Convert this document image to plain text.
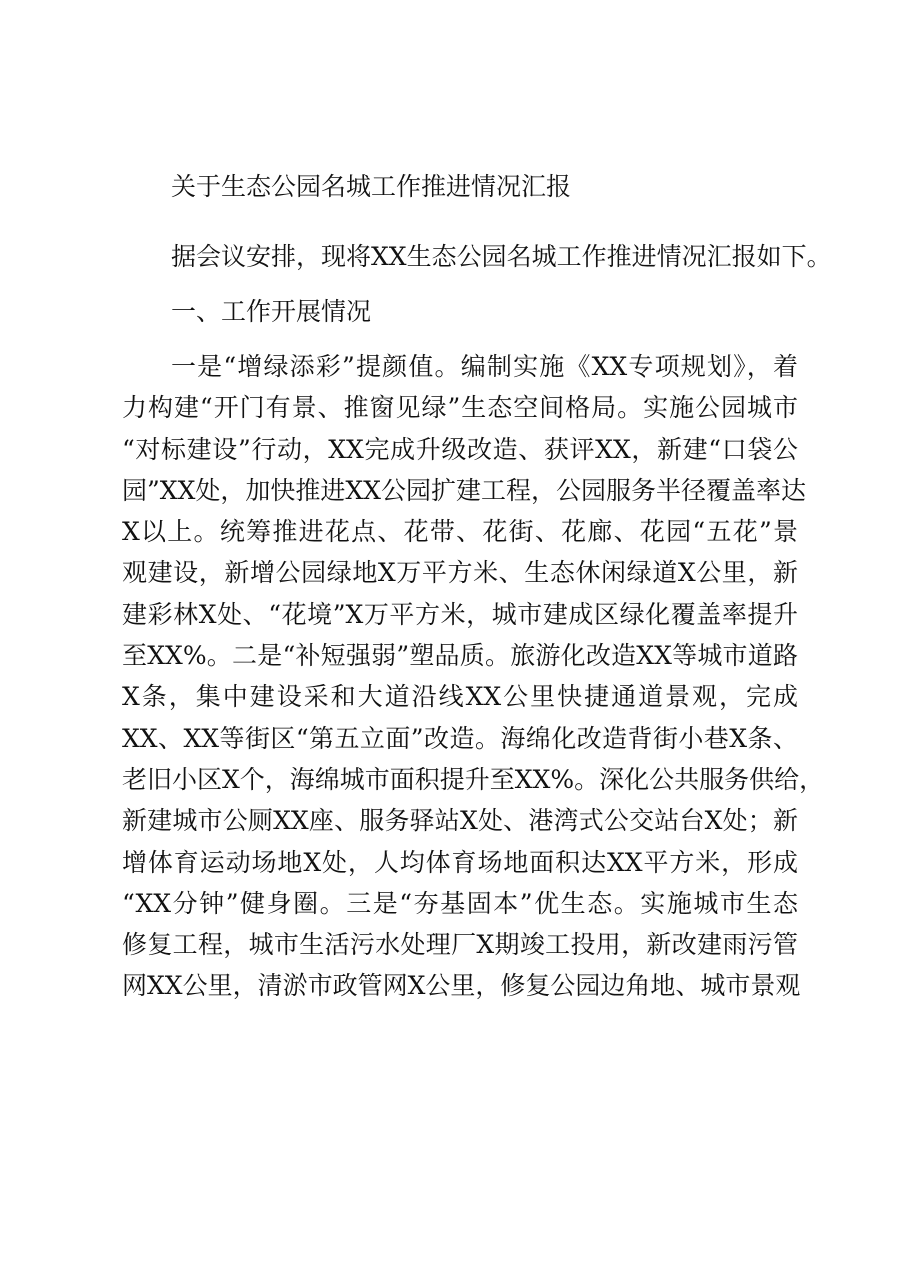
关于生态公园名城工作推进情况汇报

据会议安排，现将XX生态公园名城工作推进情况汇报如下。

一、工作开展情况

一是“增绿添彩”提颜值。编制实施《XX专项规划》，着
力构建“开门有景、推窗见绿”生态空间格局。实施公园城市
“对标建设”行动，XX完成升级改造、获评XX，新建“口袋公
园”XX处，加快推进XX公园扩建工程，公园服务半径覆盖率达
X以上。统筹推进花点、花带、花街、花廊、花园“五花”景
观建设，新增公园绿地X万平方米、生态休闲绿道X公里，新
建彩林X处、“花境”X万平方米，城市建成区绿化覆盖率提升
至XX%。二是“补短强弱”塑品质。旅游化改造XX等城市道路
X条，集中建设采和大道沿线XX公里快捷通道景观，完成
XX、XX等街区“第五立面”改造。海绵化改造背街小巷X条、
老旧小区X个，海绵城市面积提升至XX%。深化公共服务供给，
新建城市公厕XX座、服务驿站X处、港湾式公交站台X处；新
增体育运动场地X处，人均体育场地面积达XX平方米，形成
“XX分钟”健身圈。三是“夯基固本”优生态。实施城市生态
修复工程，城市生活污水处理厂X期竣工投用，新改建雨污管
网XX公里，清淤市政管网X公里，修复公园边角地、城市景观
